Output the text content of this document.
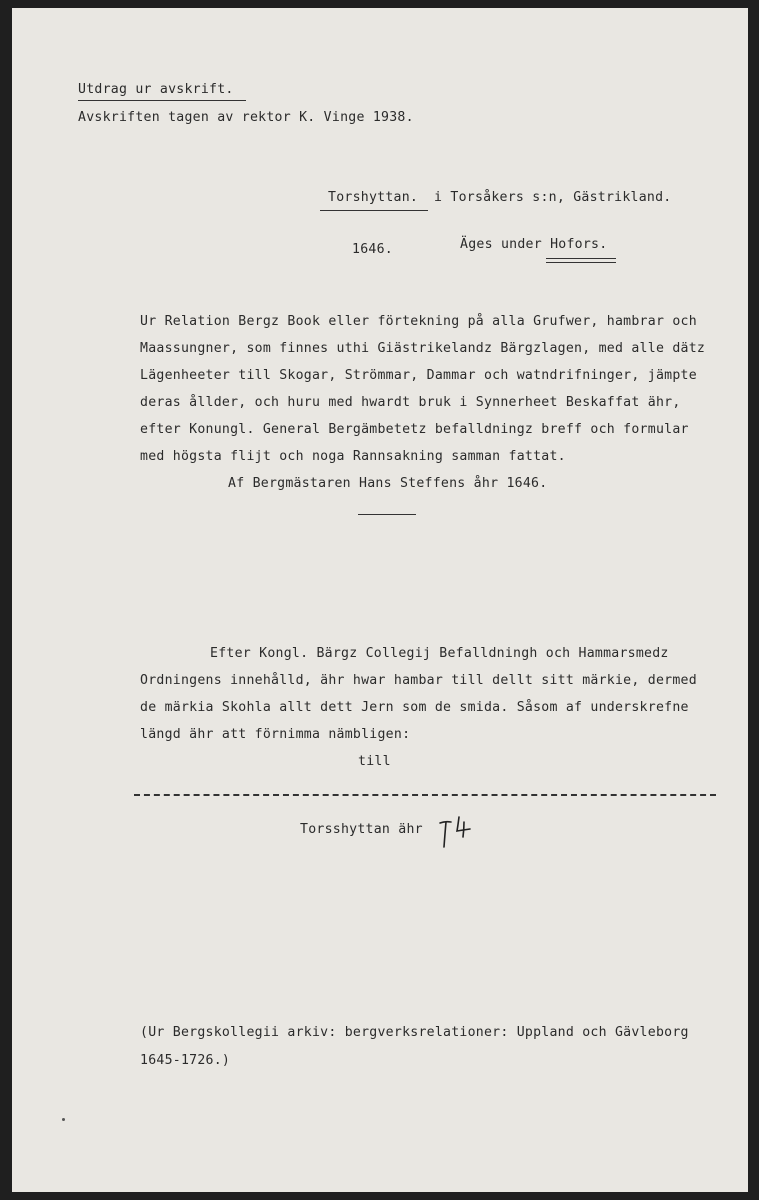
Utdrag ur avskrift.
Avskriften tagen av rektor K. Vinge 1938.
Torshyttan. i Torsåkers s:n, Gästrikland.
1646.	Äges under Hofors.
Ur Relation Bergz Book eller förtekning på alla Grufwer, hambrar och
Maassungner, som finnes uthi Giästrikelandz Bärgzlagen, med alle dätz
Lägenheeter till Skogar, Strömmar, Dammar och watndrifninger, jämpte
deras ållder, och huru med hwardt bruk i Synnerheet Beskaffat ähr,
efter Konungl. General Bergämbetetz befalldningz breff och formular
med högsta flijt och noga Rannsakning samman fattat.
Af Bergmästaren Hans Steffens åhr 1646.
Efter Kongl. Bärgz Collegij Befalldningh och Hammarsmedz
Ordningens innehålld, ähr hwar hambar till dellt sitt märkie, dermed
de märkia Skohla allt dett Jern som de smida. Såsom af underskrefne
längd ähr att förnimma nämbligen:
till
Torsshyttan ähr
(Ur Bergskollegii arkiv: bergverksrelationer: Uppland och Gävleborg
1645-1726.)
